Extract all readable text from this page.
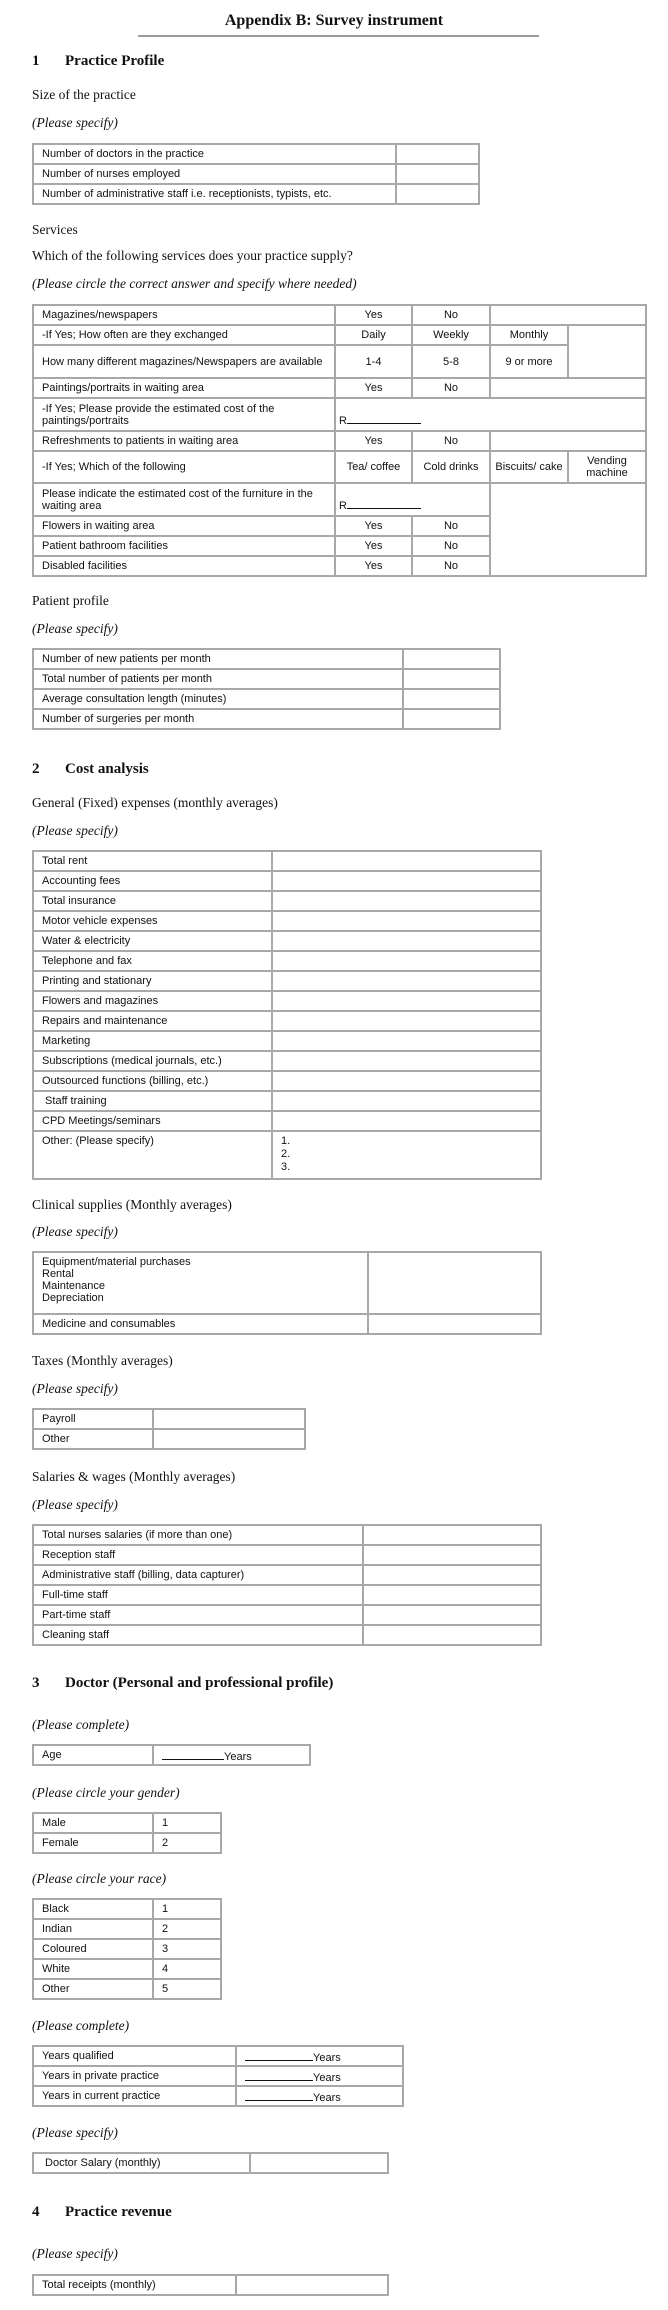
Appendix B: Survey instrument
1 Practice Profile
Size of the practice
(Please specify)
Number of doctors in the practice	
Number of nurses employed	
Number of administrative staff i.e. receptionists, typists, etc.	
Services
Which of the following services does your practice supply?
(Please circle the correct answer and specify where needed)
Magazines/newspapers	Yes	No		
-If Yes; How often are they exchanged	Daily	Weekly	Monthly	
How many different magazines/Newspapers are available	1-4	5-8	9 or more	
Paintings/portraits in waiting area	Yes	No		
-If Yes; Please provide the estimated cost of the paintings/portraits	R			
Refreshments to patients in waiting area	Yes	No		
-If Yes; Which of the following	Tea/ coffee	Cold drinks	Biscuits/ cake	Vending machine
Please indicate the estimated cost of the furniture in the waiting area	R			
Flowers in waiting area	Yes	No		
Patient bathroom facilities	Yes	No		
Disabled facilities	Yes	No		
Patient profile
(Please specify)
Number of new patients per month	
Total number of patients per month	
Average consultation length (minutes)	
Number of surgeries per month	
2 Cost analysis
General (Fixed) expenses (monthly averages)
(Please specify)
Total rent	
Accounting fees	
Total insurance	
Motor vehicle expenses	
Water & electricity	
Telephone and fax	
Printing and stationary	
Flowers and magazines	
Repairs and maintenance	
Marketing	
Subscriptions (medical journals, etc.)	
Outsourced functions (billing, etc.)	
Staff training	
CPD Meetings/seminars	
Other: (Please specify)	1.
2.
3.
Clinical supplies (Monthly averages)
(Please specify)
Equipment/material purchases
Rental
Maintenance
Depreciation	

Medicine and consumables	
Taxes (Monthly averages)
(Please specify)
Payroll	
Other	
Salaries & wages (Monthly averages)
(Please specify)
Total nurses salaries (if more than one)	
Reception staff	
Administrative staff (billing, data capturer)	
Full-time staff	
Part-time staff	
Cleaning staff	
3 Doctor (Personal and professional profile)
(Please complete)
Age	Years
(Please circle your gender)
Male	1
Female	2
(Please circle your race)
Black	1
Indian	2
Coloured	3
White	4
Other	5
(Please complete)
Years qualified	Years
Years in private practice	Years
Years in current practice	Years
(Please specify)
Doctor Salary (monthly)	
4 Practice revenue
(Please specify)
Total receipts (monthly)	
